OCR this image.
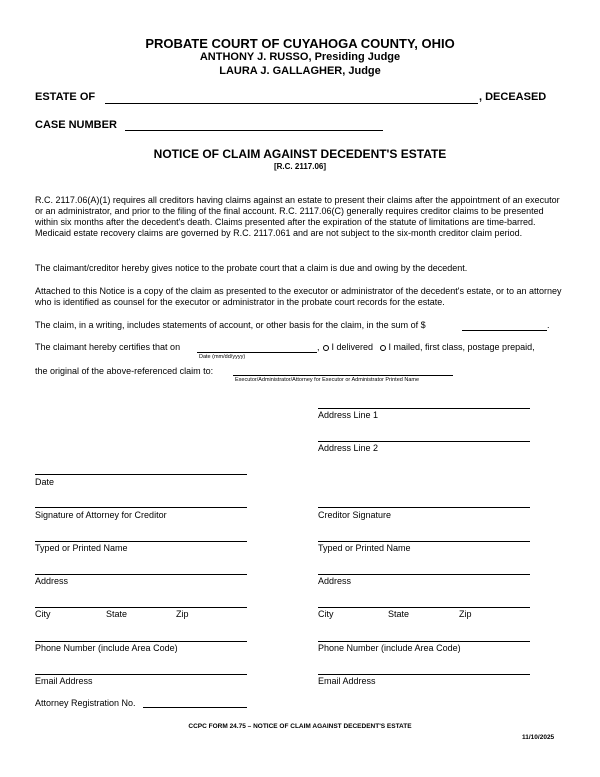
PROBATE COURT OF CUYAHOGA COUNTY, OHIO
ANTHONY J. RUSSO, Presiding Judge
LAURA J. GALLAGHER, Judge
ESTATE OF	, DECEASED
CASE NUMBER
NOTICE OF CLAIM AGAINST DECEDENT'S ESTATE
[R.C. 2117.06]
R.C. 2117.06(A)(1) requires all creditors having claims against an estate to present their claims after the appointment of an executor or an administrator, and prior to the filing of the final account. R.C. 2117.06(C) generally requires creditor claims to be presented within six months after the decedent's death. Claims presented after the expiration of the statute of limitations are time-barred. Medicaid estate recovery claims are governed by R.C. 2117.061 and are not subject to the six-month creditor claim period.
The claimant/creditor hereby gives notice to the probate court that a claim is due and owing by the decedent.
Attached to this Notice is a copy of the claim as presented to the executor or administrator of the decedent's estate, or to an attorney who is identified as counsel for the executor or administrator in the probate court records for the estate.
The claim, in a writing, includes statements of account, or other basis for the claim, in the sum of $	.
The claimant hereby certifies that on
Date (mm/dd/yyyy)
,	I delivered	I mailed, first class, postage prepaid,
the original of the above-referenced claim to:
Executor/Administrator/Attorney for Executor or Administrator Printed Name
Address Line 1
Address Line 2
Creditor Signature
Typed or Printed Name
Address
City	State	Zip
Phone Number (include Area Code)
Email Address
Date
Signature of Attorney for Creditor
Typed or Printed Name
Address
City	State	Zip
Phone Number (include Area Code)
Email Address
Attorney Registration No.
CCPC FORM 24.75 – NOTICE OF CLAIM AGAINST DECEDENT'S ESTATE
11/10/2025
